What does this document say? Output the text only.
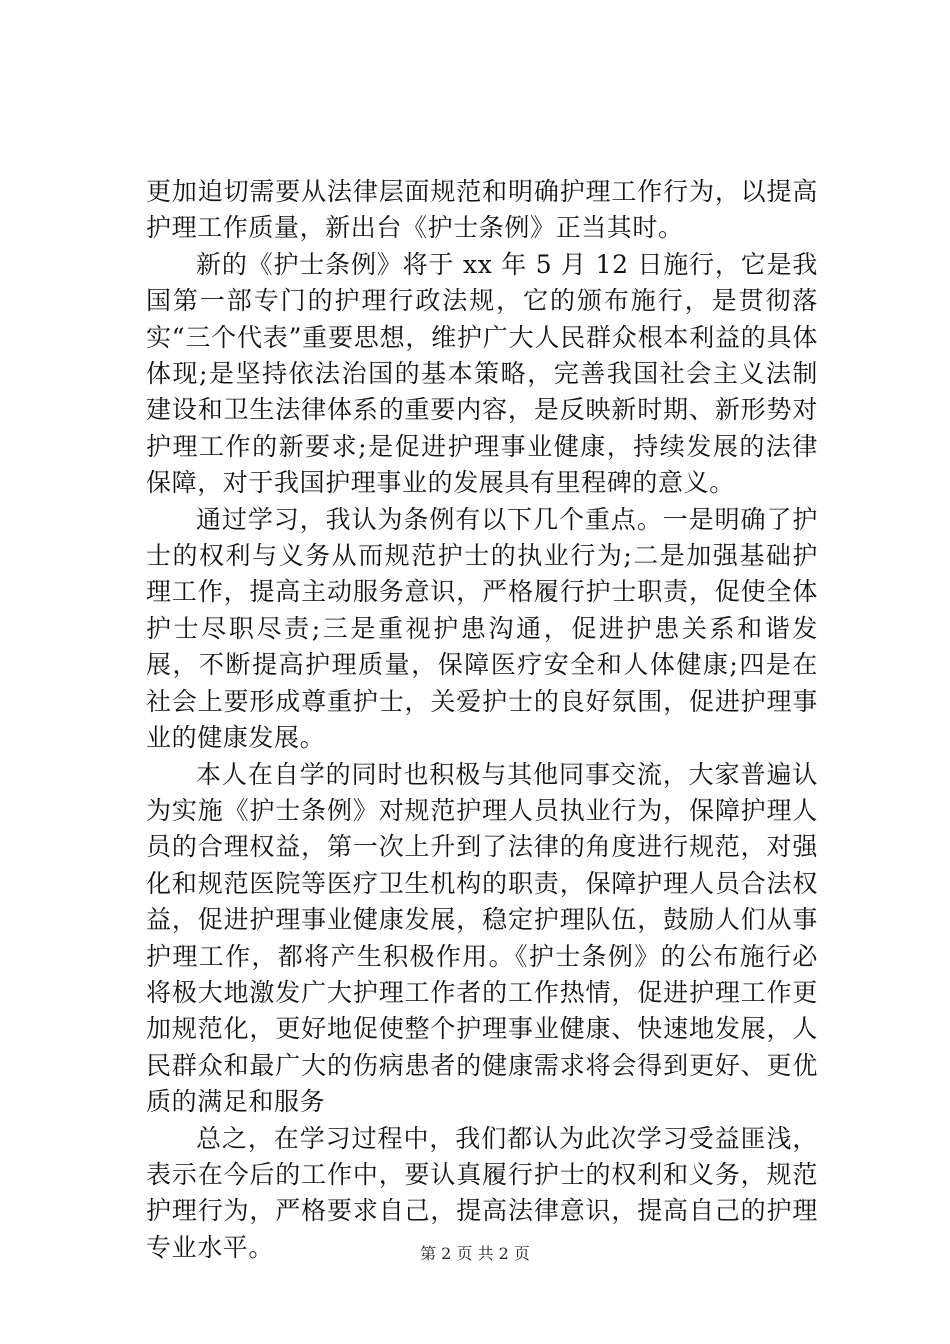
更加迫切需要从法律层面规范和明确护理工作行为，以提高护理工作质量，新出台《护士条例》正当其时。

新的《护士条例》将于 xx 年 5 月 12 日施行，它是我国第一部专门的护理行政法规，它的颁布施行，是贯彻落实“三个代表”重要思想，维护广大人民群众根本利益的具体体现;是坚持依法治国的基本策略，完善我国社会主义法制建设和卫生法律体系的重要内容，是反映新时期、新形势对护理工作的新要求;是促进护理事业健康，持续发展的法律保障，对于我国护理事业的发展具有里程碑的意义。

通过学习，我认为条例有以下几个重点。一是明确了护士的权利与义务从而规范护士的执业行为;二是加强基础护理工作，提高主动服务意识，严格履行护士职责，促使全体护士尽职尽责;三是重视护患沟通，促进护患关系和谐发展，不断提高护理质量，保障医疗安全和人体健康;四是在社会上要形成尊重护士，关爱护士的良好氛围，促进护理事业的健康发展。

本人在自学的同时也积极与其他同事交流，大家普遍认为实施《护士条例》对规范护理人员执业行为，保障护理人员的合理权益，第一次上升到了法律的角度进行规范，对强化和规范医院等医疗卫生机构的职责，保障护理人员合法权益，促进护理事业健康发展，稳定护理队伍，鼓励人们从事护理工作，都将产生积极作用。《护士条例》的公布施行必将极大地激发广大护理工作者的工作热情，促进护理工作更加规范化，更好地促使整个护理事业健康、快速地发展，人民群众和最广大的伤病患者的健康需求将会得到更好、更优质的满足和服务

总之，在学习过程中，我们都认为此次学习受益匪浅，表示在今后的工作中，要认真履行护士的权利和义务，规范护理行为，严格要求自己，提高法律意识，提高自己的护理专业水平。	第 2 页 共 2 页
